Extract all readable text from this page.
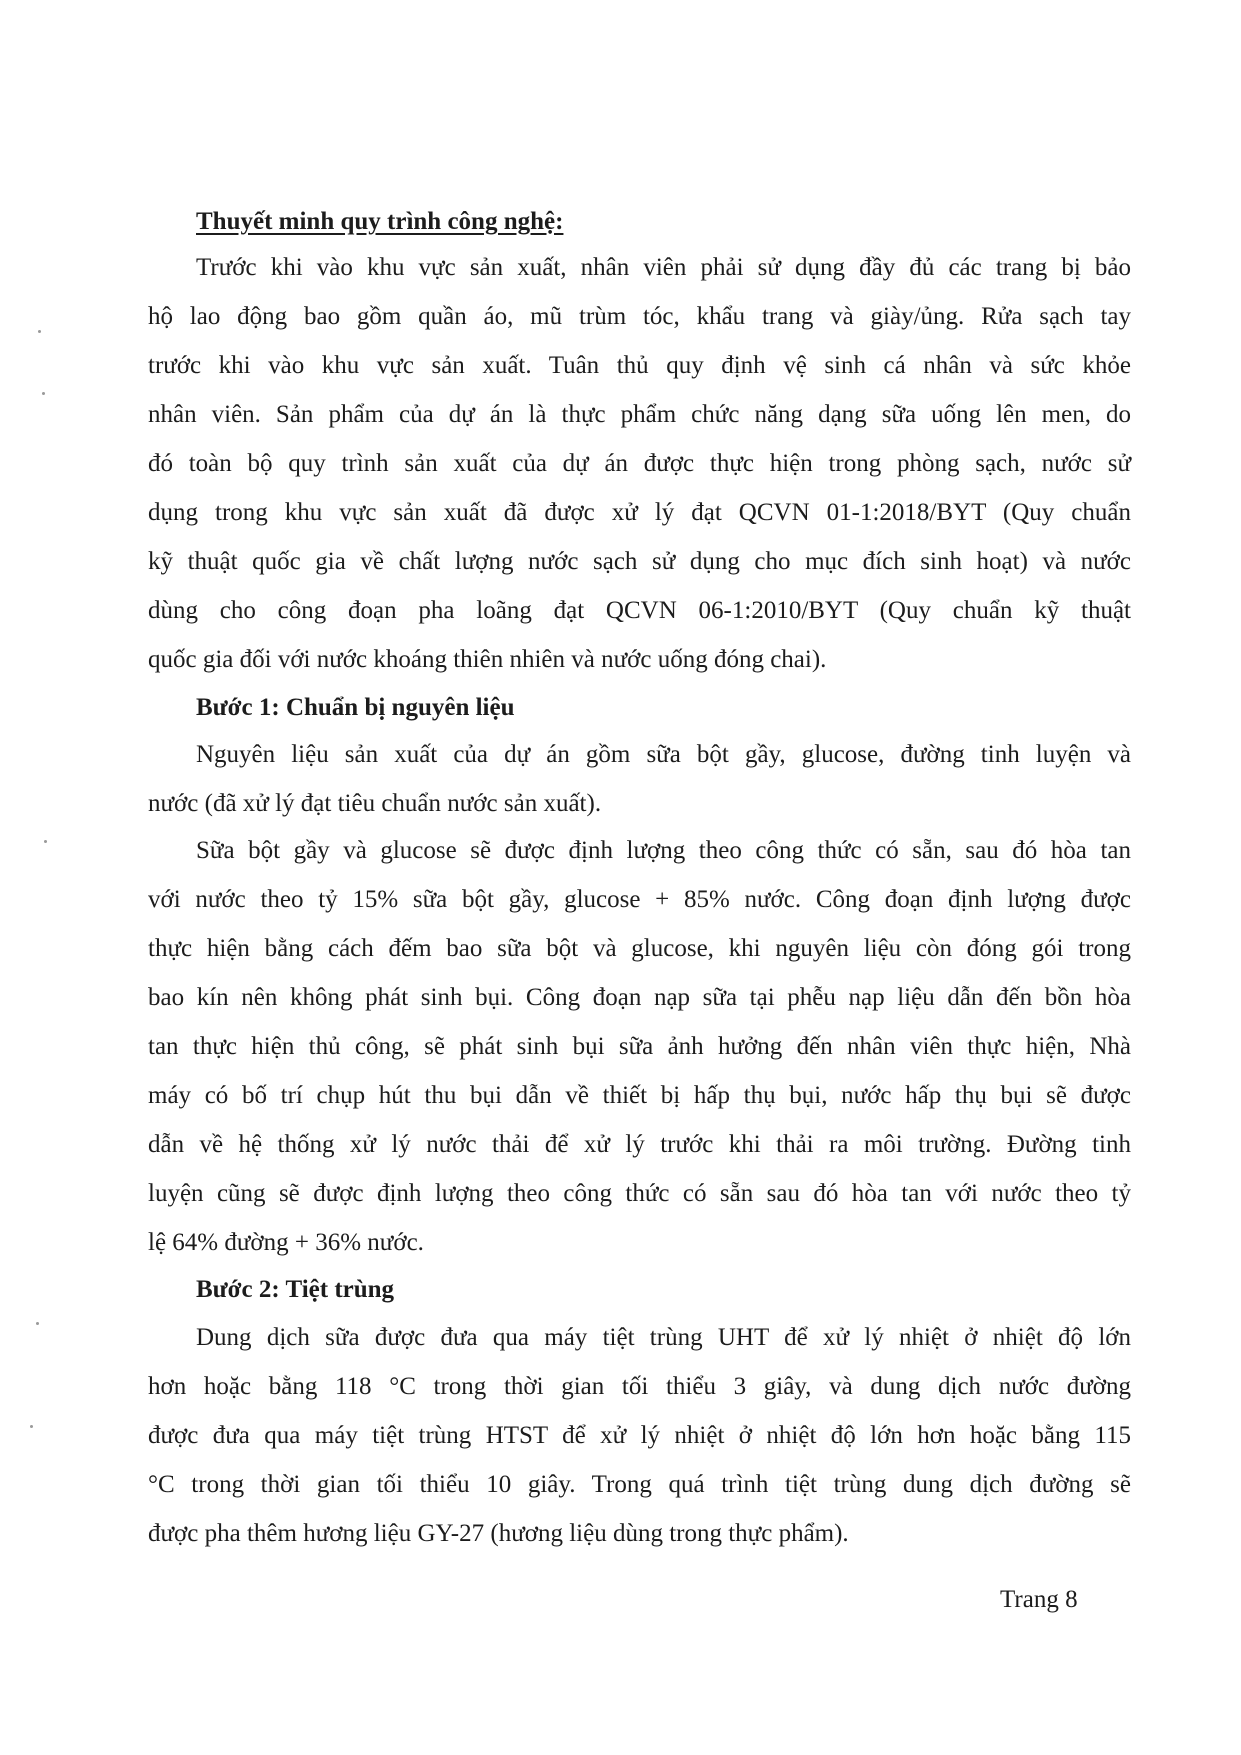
Thuyết minh quy trình công nghệ:
Trước khi vào khu vực sản xuất, nhân viên phải sử dụng đầy đủ các trang bị bảo
hộ lao động bao gồm quần áo, mũ trùm tóc, khẩu trang và giày/ủng. Rửa sạch tay
trước khi vào khu vực sản xuất. Tuân thủ quy định vệ sinh cá nhân và sức khỏe
nhân viên. Sản phẩm của dự án là thực phẩm chức năng dạng sữa uống lên men, do
đó toàn bộ quy trình sản xuất của dự án được thực hiện trong phòng sạch, nước sử
dụng trong khu vực sản xuất đã được xử lý đạt QCVN 01-1:2018/BYT (Quy chuẩn
kỹ thuật quốc gia về chất lượng nước sạch sử dụng cho mục đích sinh hoạt) và nước
dùng cho công đoạn pha loãng đạt QCVN 06-1:2010/BYT (Quy chuẩn kỹ thuật
quốc gia đối với nước khoáng thiên nhiên và nước uống đóng chai).
Bước 1: Chuẩn bị nguyên liệu
Nguyên liệu sản xuất của dự án gồm sữa bột gầy, glucose, đường tinh luyện và
nước (đã xử lý đạt tiêu chuẩn nước sản xuất).
Sữa bột gầy và glucose sẽ được định lượng theo công thức có sẵn, sau đó hòa tan
với nước theo tỷ 15% sữa bột gầy, glucose + 85% nước. Công đoạn định lượng được
thực hiện bằng cách đếm bao sữa bột và glucose, khi nguyên liệu còn đóng gói trong
bao kín nên không phát sinh bụi. Công đoạn nạp sữa tại phễu nạp liệu dẫn đến bồn hòa
tan thực hiện thủ công, sẽ phát sinh bụi sữa ảnh hưởng đến nhân viên thực hiện, Nhà
máy có bố trí chụp hút thu bụi dẫn về thiết bị hấp thụ bụi, nước hấp thụ bụi sẽ được
dẫn về hệ thống xử lý nước thải để xử lý trước khi thải ra môi trường. Đường tinh
luyện cũng sẽ được định lượng theo công thức có sẵn sau đó hòa tan với nước theo tỷ
lệ 64% đường + 36% nước.
Bước 2: Tiệt trùng
Dung dịch sữa được đưa qua máy tiệt trùng UHT để xử lý nhiệt ở nhiệt độ lớn
hơn hoặc bằng 118 °C trong thời gian tối thiểu 3 giây, và dung dịch nước đường
được đưa qua máy tiệt trùng HTST để xử lý nhiệt ở nhiệt độ lớn hơn hoặc bằng 115
°C trong thời gian tối thiểu 10 giây. Trong quá trình tiệt trùng dung dịch đường sẽ
được pha thêm hương liệu GY-27 (hương liệu dùng trong thực phẩm).
Trang 8
